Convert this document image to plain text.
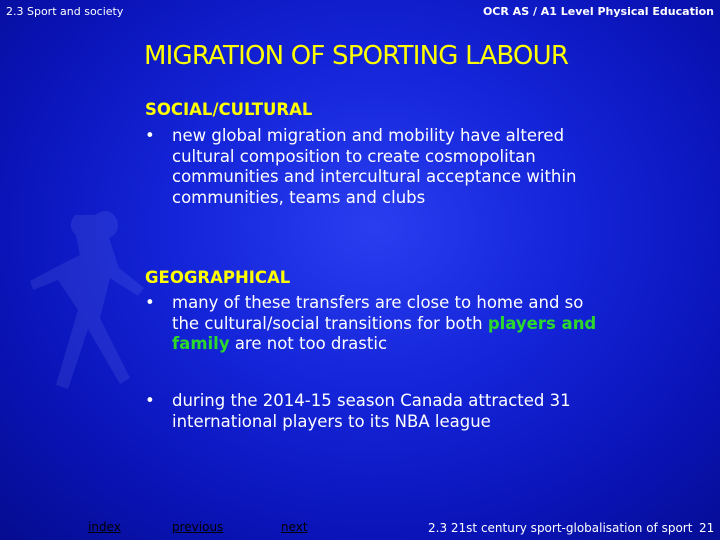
2.3 Sport and society	OCR AS / A1 Level Physical Education
MIGRATION OF SPORTING LABOUR
SOCIAL/CULTURAL
• new global migration and mobility have altered cultural composition to create cosmopolitan communities and intercultural acceptance within communities, teams and clubs
GEOGRAPHICAL
• many of these transfers are close to home and so the cultural/social transitions for both players and family are not too drastic
• during the 2014-15 season Canada attracted 31 international players to its NBA league
index	previous	next	2.3 21st century sport-globalisation of sport 21
